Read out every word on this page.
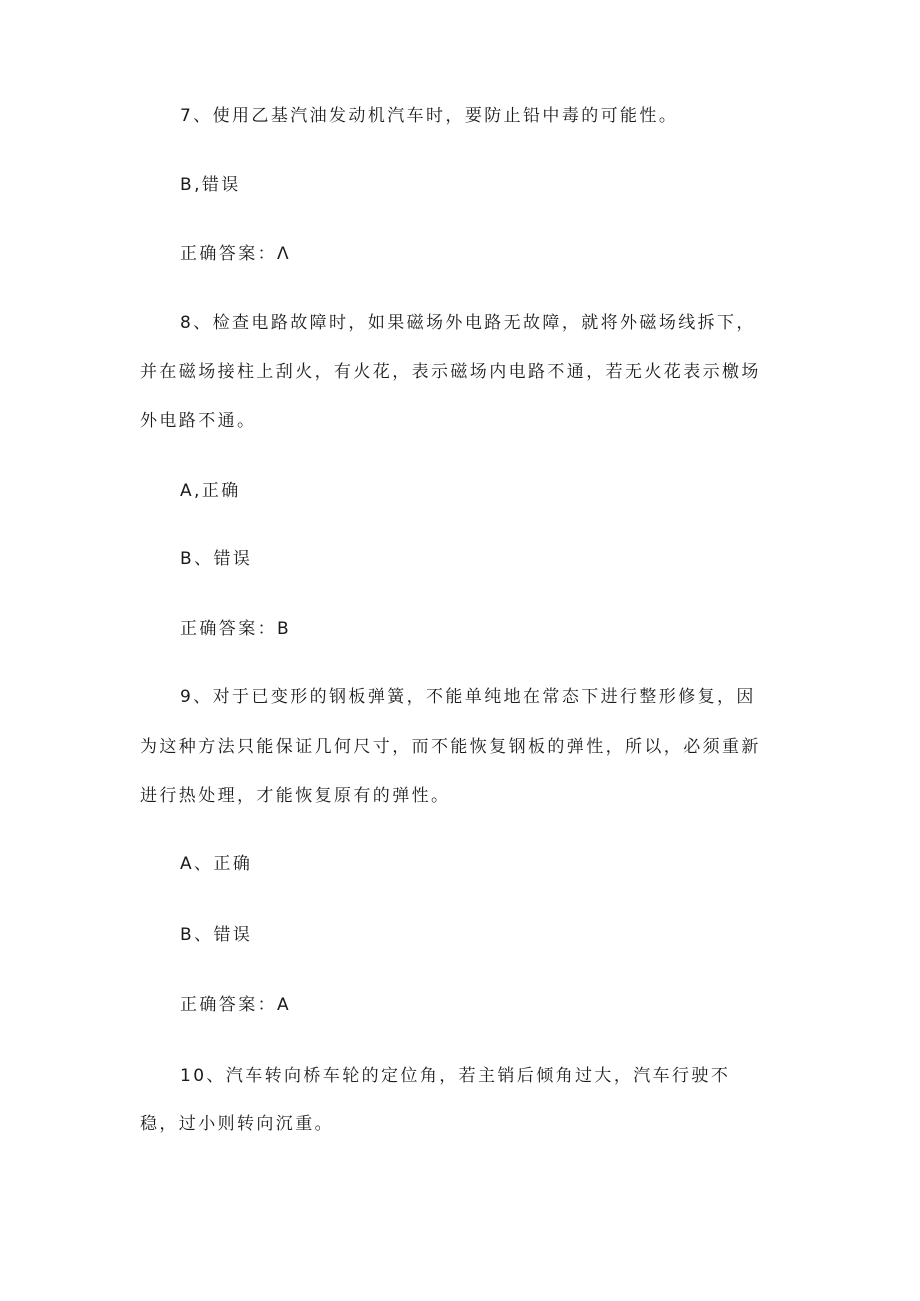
7、使用乙基汽油发动机汽车时，要防止铅中毒的可能性。
B,错误
正确答案：Λ
8、检查电路故障时，如果磁场外电路无故障，就将外磁场线拆下，
并在磁场接柱上刮火，有火花，表示磁场内电路不通，若无火花表示檄场
外电路不通。
A,正确
B、错误
正确答案：B
9、对于已变形的钢板弹簧，不能单纯地在常态下进行整形修复，因
为这种方法只能保证几何尺寸，而不能恢复钢板的弹性，所以，必须重新
进行热处理，才能恢复原有的弹性。
A、正确
B、错误
正确答案：A
10、汽车转向桥车轮的定位角，若主销后倾角过大，汽车行驶不
稳，过小则转向沉重。
